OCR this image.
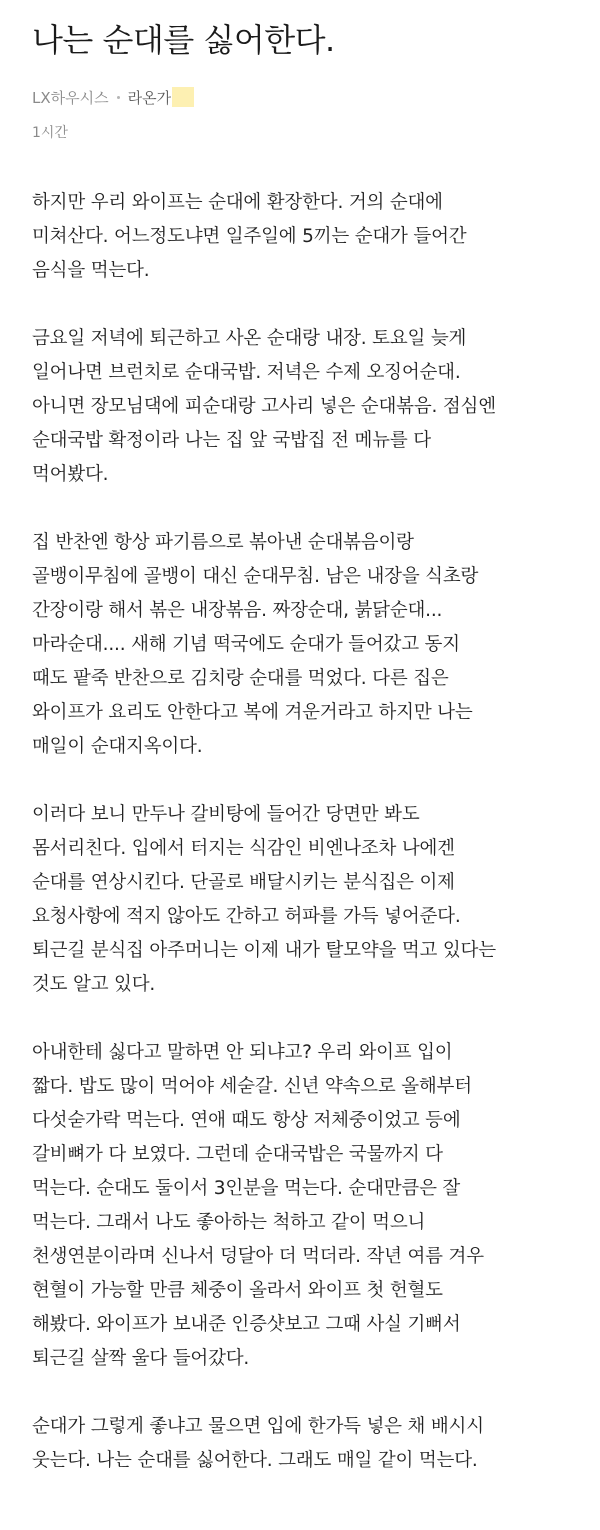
나는 순대를 싫어한다.
LX하우시스 라온가
1시간

하지만 우리 와이프는 순대에 환장한다. 거의 순대에
미쳐산다. 어느정도냐면 일주일에 5끼는 순대가 들어간
음식을 먹는다.

금요일 저녁에 퇴근하고 사온 순대랑 내장. 토요일 늦게
일어나면 브런치로 순대국밥. 저녁은 수제 오징어순대.
아니면 장모님댁에 피순대랑 고사리 넣은 순대볶음. 점심엔
순대국밥 확정이라 나는 집 앞 국밥집 전 메뉴를 다
먹어봤다.

집 반찬엔 항상 파기름으로 볶아낸 순대볶음이랑
골뱅이무침에 골뱅이 대신 순대무침. 남은 내장을 식초랑
간장이랑 해서 볶은 내장볶음. 짜장순대, 붉닭순대...
마라순대.... 새해 기념 떡국에도 순대가 들어갔고 동지
때도 팥죽 반찬으로 김치랑 순대를 먹었다. 다른 집은
와이프가 요리도 안한다고 복에 겨운거라고 하지만 나는
매일이 순대지옥이다.

이러다 보니 만두나 갈비탕에 들어간 당면만 봐도
몸서리친다. 입에서 터지는 식감인 비엔나조차 나에겐
순대를 연상시킨다. 단골로 배달시키는 분식집은 이제
요청사항에 적지 않아도 간하고 허파를 가득 넣어준다.
퇴근길 분식집 아주머니는 이제 내가 탈모약을 먹고 있다는
것도 알고 있다.

아내한테 싫다고 말하면 안 되냐고? 우리 와이프 입이
짧다. 밥도 많이 먹어야 세숟갈. 신년 약속으로 올해부터
다섯숟가락 먹는다. 연애 때도 항상 저체중이었고 등에
갈비뼈가 다 보였다. 그런데 순대국밥은 국물까지 다
먹는다. 순대도 둘이서 3인분을 먹는다. 순대만큼은 잘
먹는다. 그래서 나도 좋아하는 척하고 같이 먹으니
천생연분이라며 신나서 덩달아 더 먹더라. 작년 여름 겨우
현혈이 가능할 만큼 체중이 올라서 와이프 첫 헌혈도
해봤다. 와이프가 보내준 인증샷보고 그때 사실 기뻐서
퇴근길 살짝 울다 들어갔다.

순대가 그렇게 좋냐고 물으면 입에 한가득 넣은 채 배시시
웃는다. 나는 순대를 싫어한다. 그래도 매일 같이 먹는다.
